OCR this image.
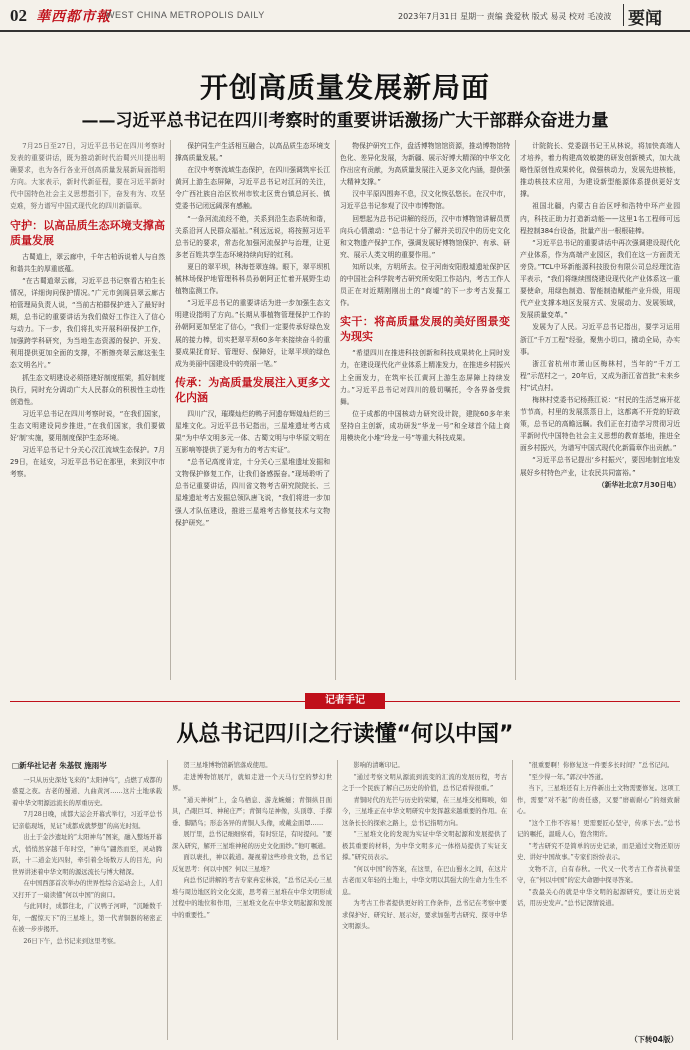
02 華西都市報
WEST CHINA METROPOLIS DAILY	2023年7月31日 星期一 责编 龚爱秋 版式 易灵 校对 毛凌波 要闻
开创高质量发展新局面
——习近平总书记在四川考察时的重要讲话激扬广大干部群众奋进力量

7月25日至27日，习近平总书记在四川考察时发表的重要讲话，既为推动新时代治蜀兴川提出明确要求，也为各行各业开创高质量发展新局面指明方向。大家表示，新时代新征程，要在习近平新时代中国特色社会主义思想指引下，奋发有为、攻坚克难，努力谱写中国式现代化的四川新篇章。

守护：以高品质生态环境支撑高质量发展

古蜀道上，翠云廊中，千年古柏诉说着人与自然和谐共生的厚重底蕴。

“在古蜀道翠云廊，习近平总书记察看古柏生长情况，详细询问保护情况。”广元市剑阁县翠云廊古柏管理局负责人说，“当前古柏群保护进入了最好时期，总书记的重要讲话为我们做好工作注入了信心与动力。下一步，我们将扎实开展科研保护工作，加强跨学科研究，为当地生态资源的保护、开发、利用提供更加全面的支撑，不断擦亮翠云廊这张生态文明名片。”

抓生态文明建设必须搭建好制度框架，抓好制度执行，同时充分调动广大人民群众的积极性主动性创造性。

习近平总书记在四川考察时说，“在我们国家，生态文明建设同步推进，”在我们国家，我们要做好‘制’实施，要用制度保护生态环境。

习近平总书记十分关心汉江流域生态保护。7月29日，在延安，习近平总书记在那里，来到汉中市考察。

保护同生产生活相互融合，以高品质生态环境支撑高质量发展。”

在汉中考察流域生态保护，在四川强调筑牢长江黄河上游生态屏障，习近平总书记对江河的关注，令广西社族自治区钦州市钦北区贵台镇总河长、镇党委书记闭远阔深有感触。

“一条河流流经不绝，关系到沿生态系统和谐，关系沿河人民群众福祉。”利远远说，将按照习近平总书记的要求，常态化加强河流保护与治理，让更多老百姓共享生态环境持续向好的红利。

夏日的翠平坝，林海苍翠连绵。眼下，翠平坝机械林场保护地管理科科员孙朝阿正忙着开展野生动植物监测工作。

“习近平总书记的重要讲话为进一步加强生态文明建设指明了方向。”长期从事植物管理保护工作的孙朝阿更加坚定了信心，“我们一定要传承好绿色发展的接力棒，切实把翠平坝60多年来接续奋斗的重要成果抚育好、管理好、保障好，让翠平坝的绿色成为美丽中国建设中的亮丽一笔。”

传承：为高质量发展注入更多文化内涵

四川广汉，璀璨灿烂的鸭子河遗存辉煌灿烂的三星堆文化。习近平总书记指出，三星堆遗址考古成果“为中华文明多元一体、古蜀文明与中华原文明在互影响等提供了更为有力的考古实证”。

“总书记高度肯定，十分关心三星堆遗址发掘和文物保护修复工作，让我们备感振奋。”现场聆听了总书记重要讲话，四川省文物考古研究院院长、三星堆遗址考古发掘总领队唐飞说，“我们将进一步加强人才队伍建设，推进三星堆考古修复技术与文物保护研究。”

物保护研究工作，盘活博物馆馆资源，推动博物馆特色化、差异化发展，为新疆、展示好博大精深的中华文化作出应有贡献，为高质量发展注入更多文化内涵，提供强大精神支撑。”

汉中平原四围奔不息，汉文化恢弘悠长。在汉中市，习近平总书记参观了汉中市博物馆。

回想起为总书记讲解的经历，汉中市博物馆讲解员贾向兵心情激动：“总书记十分了解并关切汉中的历史文化和文物遗产保护工作，强调发展好博物馆保护、有承、研究、展示人类文明的重要作用。”

知所以来，方明所去。位于河南安阳殷墟遗址保护区的中国社会科学院考古研究所安阳工作站内，考古工作人员正在对近期刚刚出土的“商墟”的下一步考古发掘工作。

实干：将高质量发展的美好图景变为现实

“希望四川在推进科技创新和科技成果转化上同时发力，在建设现代化产业体系上精准发力，在推进乡村振兴上全面发力，在筑牢长江黄河上游生态屏障上持续发力。”习近平总书记对四川的殷切嘱托，令各界备受鼓舞。

位于成都的中国核动力研究设计院，建院60多年来坚持自主创新，成功研发“华龙一号”和全球首个陆上商用模块化小堆“玲龙一号”等重大科技成果。

计院院长、党委副书记王从林说，将加快高端人才培养，着力构建高效敏捷的研发创新模式，加大战略性原创性成果转化，做强核动力，发展先进核能，推动核技术应用，为建设新型能源体系提供更好支撑。

祖国北疆，内蒙古自治区呼和浩特中环产业园内，科技正助力打造新动能——这里1名工程师可远程控制384台设备，批量产出一根根硅棒。

“习近平总书记的重要讲话中再次强调建设现代化产业体系，作为高端产业园区，我们在这一方面责无旁贷。”TCL中环新能源科技股份有限公司总经理沈浩平表示，“我们将继续围绕建设现代化产业体系这一重要使命，用绿色制造、智能制造赋能产业升级，用现代产业支撑本地区发展方式、发展动力、发展领域，发展质量变革。”

发展为了人民。习近平总书记指出，要学习运用浙江“千万工程”经验，聚焦小切口，撬动全局，办实事。

浙江省杭州市萧山区梅林村，当年的“千万工程”示范村之一，20年后，又成为浙江省首批“未来乡村”试点村。

梅林村党委书记杨燕江说：“村民的生活芝麻开花节节高，村里的发展蒸蒸日上，这都离不开党的好政策，总书记的高瞻远瞩。我们正在打造学习贯彻习近平新时代中国特色社会主义思想的教育基地，推进全面乡村振兴，为谱写中国式现代化新篇章作出贡献。”

“习近平总书记提出‘乡村振兴’，要因地制宜地发展好乡村特色产业，让农民共同富裕。”

（新华社北京7月30日电）

记者手记
从总书记四川之行读懂“何以中国”
□新华社记者 朱基钗 施雨岑

一只从历史深处飞来的“太阳神鸟”，点燃了成都的盛夏之夜。古老的蜀道、九曲黄河……这片土地承载着中华文明源远流长的厚重历史。

7月28日晚，成都大运会开幕式举行，习近平总书记亲临现场，见证“成都成就梦想”的高光时刻。

出土于金沙遗址的“太阳神鸟”图案，融入整场开幕式，悄悄然穿越千年时空，“神鸟”翩然而至，灵动腾跃，十二道金光四射，牵引着全场数万人的目光，向世界讲述着中华文明的源远流长与博大精深。

在中国西部首次举办的世界性综合运动会上，人们又打开了一扇读懂“何以中国”的窗口。

与此同时，成都往北，广汉鸭子河畔，“沉睡数千年，一醒惊天下”的三星堆上，第一代青铜器的秘密正在被一步步揭开。

26日下午，总书记来到这里考察。

贺三星堆博物馆新馆落成使用。

走进博物馆展厅，就如走进一个天马行空的梦幻世界。

“通天神树”上，金乌栖息、游龙蜿蜒；青铜纵目面具，凸眼巨耳、神秘庄严；青铜鸟足神像，头顶尊、手撑垂、脚踏鸟；形态各异的青铜人头像，或戴金面罩……

展厅里，总书记细细察看，有时驻足，有时提问。“要深入研究，解开三星堆神秘的历史文化面纱。”他叮嘱道。

面以裹扎，神以载道。凝视着这些珍贵文物，总书记反复思考：何以中国？何以三星堆？

向总书记讲解的考古专家冉宏林说，“总书记关心三星堆与周边地区的文化交流，思考着三星堆在中华文明形成过程中的地位和作用，三星堆文化在中华文明起源和发展中的重要性。”

影响的清晰印记。

“通过考察文明从源流到流变的汇流的发展历程，考古之于一个民族了解自己历史的价值，总书记看得很重。”

青铜时代的光芒与历史的荣耀，在三星堆交相辉映，如今，三星堆正在中华文明研究中发挥越来越重要的作用。在这条长长的探索之路上，总书记指明方向。

“三星堆文化的发现为实证中华文明起源和发展提供了极其重要的材料，为中华文明多元一体格局提供了实证支撑。”研究员表示。

“何以中国”的答案，在这里，在巴山蜀水之间，在这片古老而又年轻的土地上，中华文明以其强大的生命力生生不息。

为考古工作者提供更好的工作条件，总书记在考察中要求保护好、研究好、展示好，要求加强考古研究、探寻中华文明源头。

“很重要啊！你修复这一件要多长时间？”总书记问。

“至少得一年。”郭汉中答道。

当下，三星堆还有上万件新出土文物需要修复。这项工作，需要“对不起”的责任感，又要“磨砺耐心”的细致耐心。

“这个工作不容易！更需要匠心坚守，传承下去。”总书记的嘱托，温暖人心，饱含期许。

“考古研究不是简单的历史记录，而是通过文物还原历史、讲好中国故事。”专家们纷纷表示。

文物不言，自有春秋。一代又一代考古工作者执着坚守，在“何以中国”的宏大命题中探寻答案。

“我最关心的就是中华文明的起源研究，要让历史说话，用历史发声。”总书记深情说道。

（下转04版）
